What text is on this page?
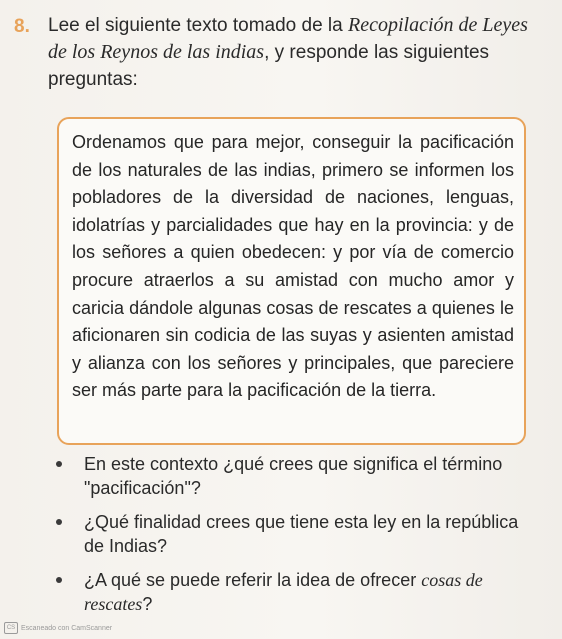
8. Lee el siguiente texto tomado de la Recopilación de Leyes de los Reynos de las indias, y responde las siguientes preguntas:
Ordenamos que para mejor, conseguir la pacificación de los naturales de las indias, primero se informen los pobladores de la diversidad de naciones, lenguas, idolatrías y parcialidades que hay en la provincia: y de los señores a quien obedecen: y por vía de comercio procure atraerlos a su amistad con mucho amor y caricia dándole algunas cosas de rescates a quienes le aficionaren sin codicia de las suyas y asienten amistad y alianza con los señores y principales, que pareciere ser más parte para la pacificación de la tierra.
En este contexto ¿qué crees que significa el término "pacificación"?
¿Qué finalidad crees que tiene esta ley en la república de Indias?
¿A qué se puede referir la idea de ofrecer cosas de rescates?
CS Escaneado con CamScanner
